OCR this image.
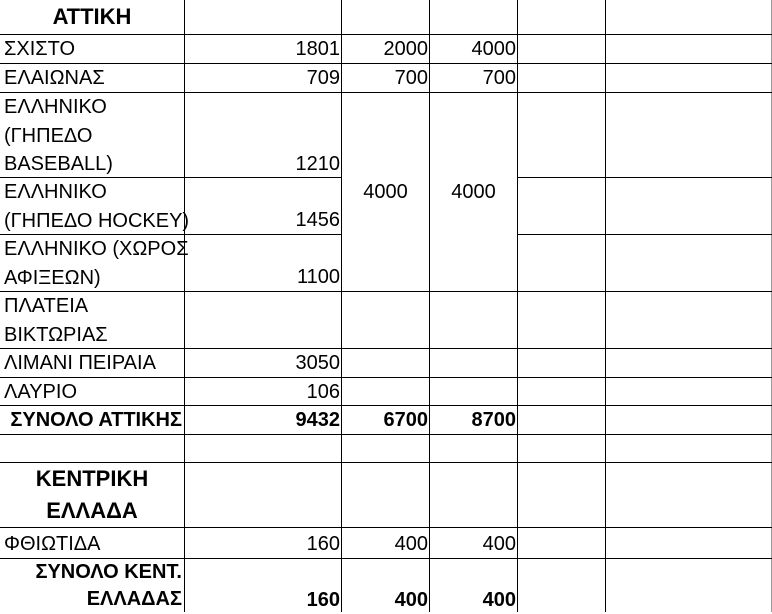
ΑΤΤΙΚΗ
ΣΧΙΣΤΟ	1801	2000	4000
ΕΛΑΙΩΝΑΣ	709	700	700
ΕΛΛΗΝΙΚΟ
(ΓΗΠΕΔΟ
BASEBALL)	1210
4000	4000
ΕΛΛΗΝΙΚΟ
(ΓΗΠΕΔΟ HOCKEY)	1456
ΕΛΛΗΝΙΚΟ (ΧΩΡΟΣ
ΑΦΙΞΕΩΝ)	1100
ΠΛΑΤΕΙΑ
ΒΙΚΤΩΡΙΑΣ
ΛΙΜΑΝΙ ΠΕΙΡΑΙΑ	3050
ΛΑΥΡΙΟ	106
ΣΥΝΟΛΟ ΑΤΤΙΚΗΣ	9432	6700	8700
ΚΕΝΤΡΙΚΗ
ΕΛΛΑΔΑ
ΦΘΙΩΤΙΔΑ	160	400	400
ΣΥΝΟΛΟ ΚΕΝΤ.
ΕΛΛΑΔΑΣ	160	400	400
